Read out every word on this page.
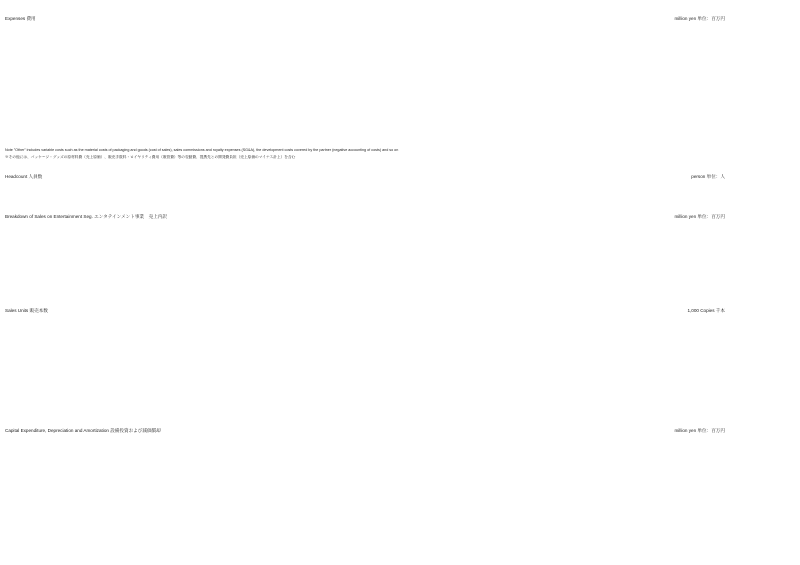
Expenses 費用	million yen 単位：百万円
Note "Other" includes variable costs such as the material costs of packaging and goods (cost of sales), sales commissions and royalty expenses (SG&A), the development costs covered by the partner (negative accounting of costs) and so on
※その他には、パッケージ・グッズの原材料費（売上原価）、販売手数料・ロイヤリティ費用（販管費）等の変動費、提携先との開発費負担（売上原価のマイナス計上）を含む
Headcount 人員数	person 単位：人
Breakdown of Sales on Entertainment Seg. エンタテインメント事業　売上内訳	million yen 単位：百万円
Sales Units 販売本数	1,000 Copies 千本
Capital Expenditure, Depreciation and Amortization 設備投資および減価償却	million yen 単位：百万円
